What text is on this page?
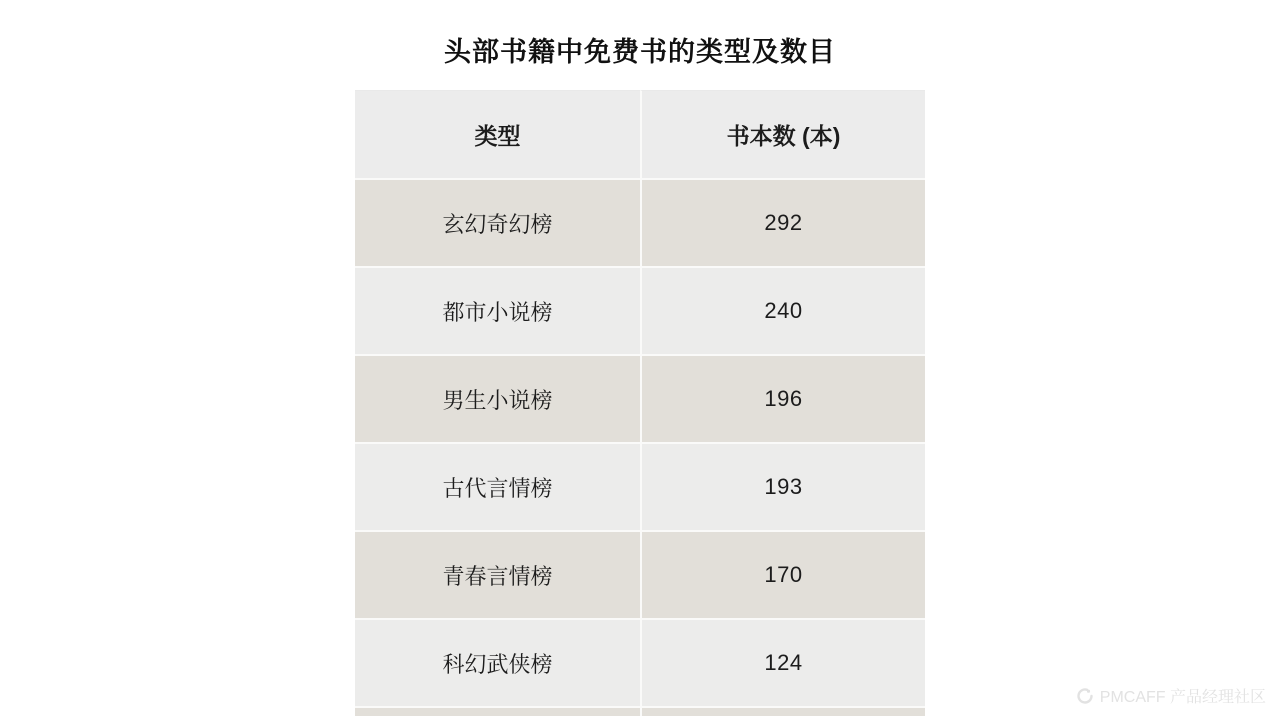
头部书籍中免费书的类型及数目
类型	书本数 (本)
玄幻奇幻榜	292
都市小说榜	240
男生小说榜	196
古代言情榜	193
青春言情榜	170
科幻武侠榜	124

PMCAFF 产品经理社区
